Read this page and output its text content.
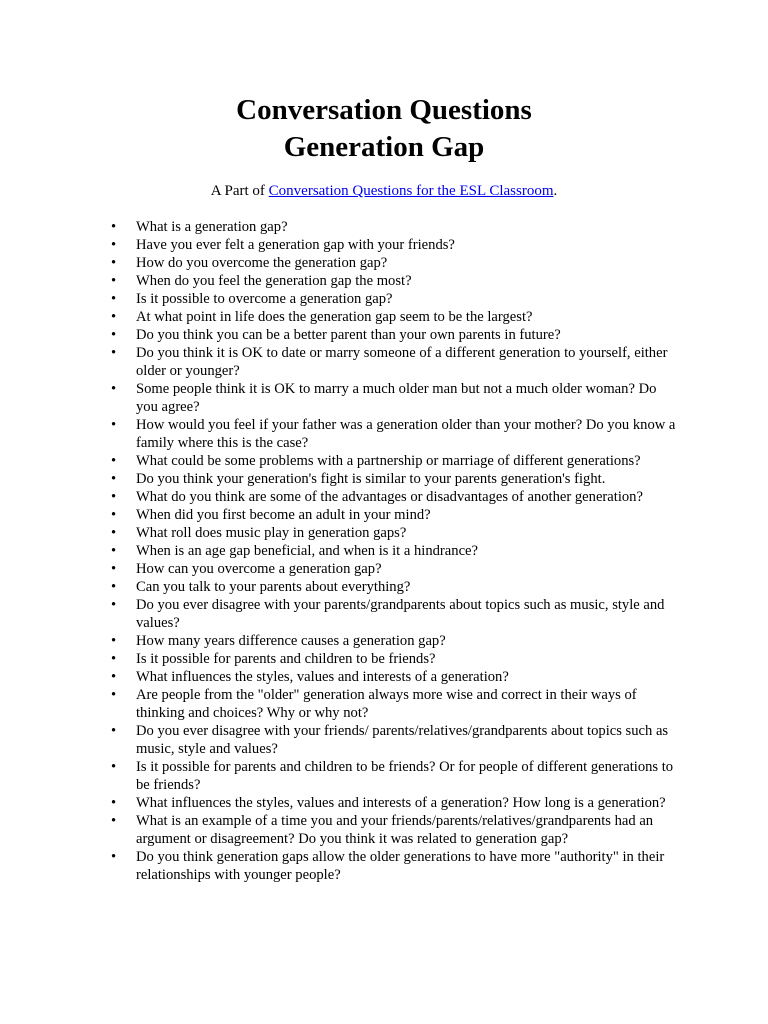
Conversation Questions
Generation Gap
A Part of Conversation Questions for the ESL Classroom.
• What is a generation gap?
• Have you ever felt a generation gap with your friends?
• How do you overcome the generation gap?
• When do you feel the generation gap the most?
• Is it possible to overcome a generation gap?
• At what point in life does the generation gap seem to be the largest?
• Do you think you can be a better parent than your own parents in future?
• Do you think it is OK to date or marry someone of a different generation to yourself, either older or younger?
• Some people think it is OK to marry a much older man but not a much older woman? Do you agree?
• How would you feel if your father was a generation older than your mother? Do you know a family where this is the case?
• What could be some problems with a partnership or marriage of different generations?
• Do you think your generation's fight is similar to your parents generation's fight.
• What do you think are some of the advantages or disadvantages of another generation?
• When did you first become an adult in your mind?
• What roll does music play in generation gaps?
• When is an age gap beneficial, and when is it a hindrance?
• How can you overcome a generation gap?
• Can you talk to your parents about everything?
• Do you ever disagree with your parents/grandparents about topics such as music, style and values?
• How many years difference causes a generation gap?
• Is it possible for parents and children to be friends?
• What influences the styles, values and interests of a generation?
• Are people from the "older" generation always more wise and correct in their ways of thinking and choices? Why or why not?
• Do you ever disagree with your friends/ parents/relatives/grandparents about topics such as music, style and values?
• Is it possible for parents and children to be friends? Or for people of different generations to be friends?
• What influences the styles, values and interests of a generation? How long is a generation?
• What is an example of a time you and your friends/parents/relatives/grandparents had an argument or disagreement? Do you think it was related to generation gap?
• Do you think generation gaps allow the older generations to have more "authority" in their relationships with younger people?
